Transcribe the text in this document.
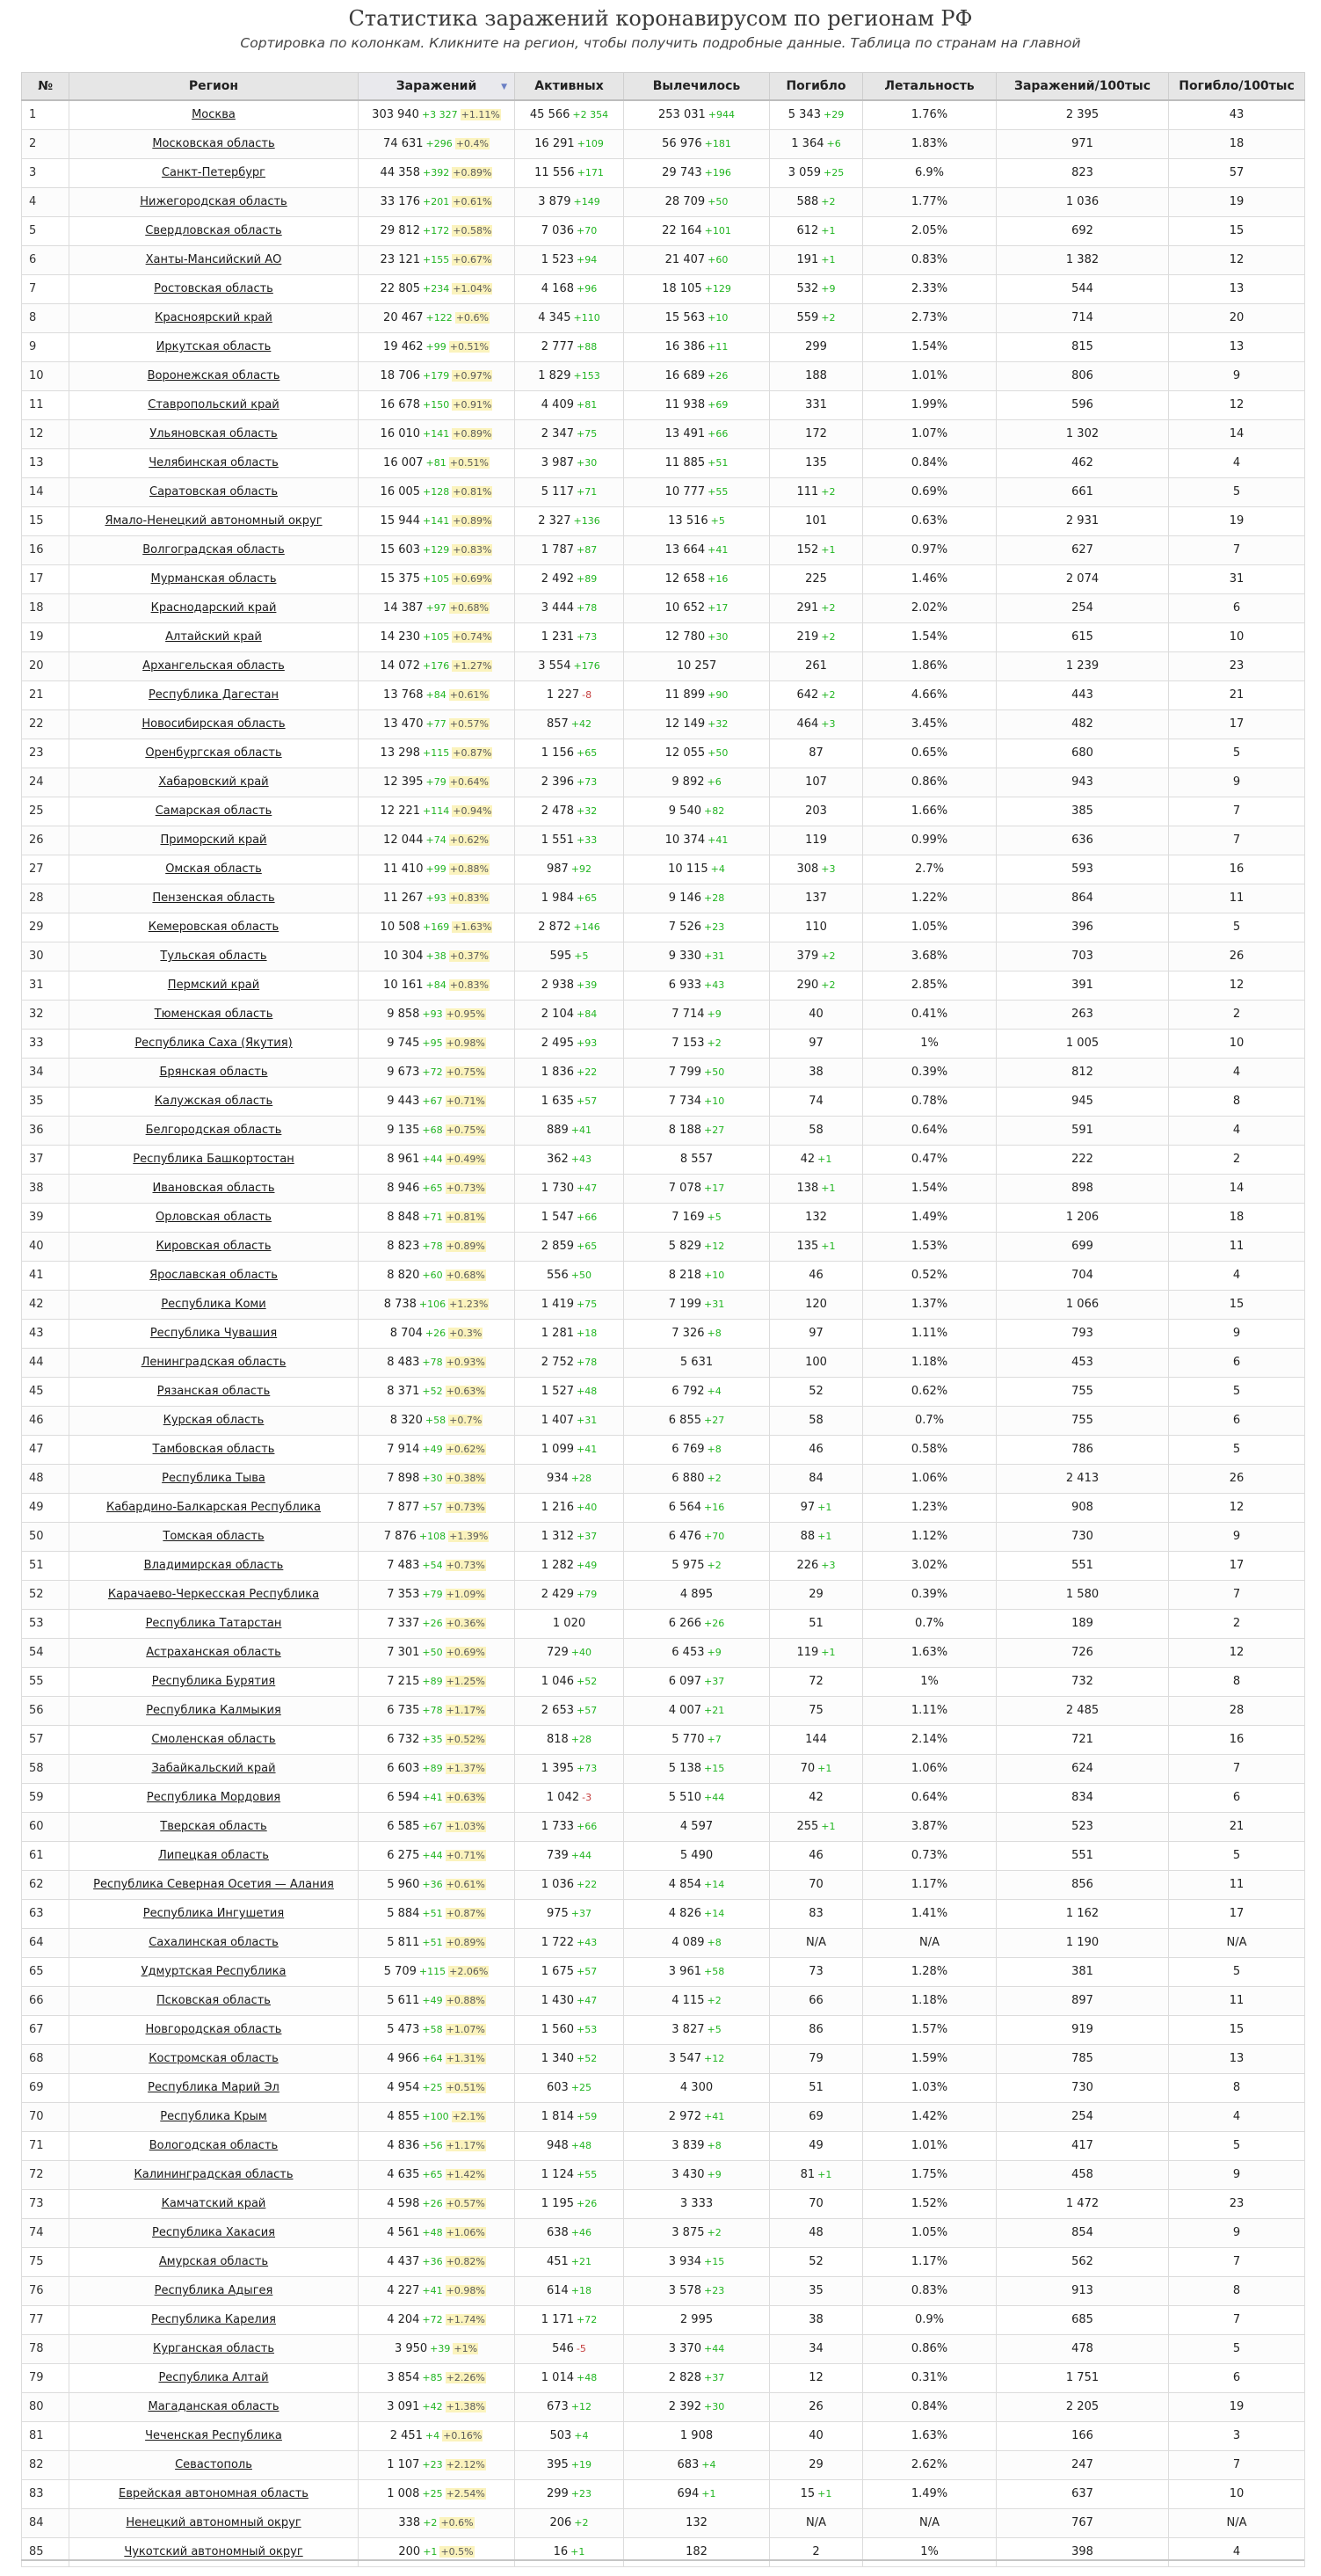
Статистика заражений коронавирусом по регионам РФ
Сортировка по колонкам. Кликните на регион, чтобы получить подробные данные. Таблица по странам на главной
№	Регион	Заражений ▼	Активных	Вылечилось	Погибло	Летальность	Заражений/100тыс	Погибло/100тыс
1	Москва	303 940 +3 327 +1.11%	45 566 +2 354	253 031 +944	5 343 +29	1.76%	2 395	43
2	Московская область	74 631 +296 +0.4%	16 291 +109	56 976 +181	1 364 +6	1.83%	971	18
3	Санкт-Петербург	44 358 +392 +0.89%	11 556 +171	29 743 +196	3 059 +25	6.9%	823	57
4	Нижегородская область	33 176 +201 +0.61%	3 879 +149	28 709 +50	588 +2	1.77%	1 036	19
5	Свердловская область	29 812 +172 +0.58%	7 036 +70	22 164 +101	612 +1	2.05%	692	15
6	Ханты-Мансийский АО	23 121 +155 +0.67%	1 523 +94	21 407 +60	191 +1	0.83%	1 382	12
7	Ростовская область	22 805 +234 +1.04%	4 168 +96	18 105 +129	532 +9	2.33%	544	13
8	Красноярский край	20 467 +122 +0.6%	4 345 +110	15 563 +10	559 +2	2.73%	714	20
9	Иркутская область	19 462 +99 +0.51%	2 777 +88	16 386 +11	299	1.54%	815	13
10	Воронежская область	18 706 +179 +0.97%	1 829 +153	16 689 +26	188	1.01%	806	9
11	Ставропольский край	16 678 +150 +0.91%	4 409 +81	11 938 +69	331	1.99%	596	12
12	Ульяновская область	16 010 +141 +0.89%	2 347 +75	13 491 +66	172	1.07%	1 302	14
13	Челябинская область	16 007 +81 +0.51%	3 987 +30	11 885 +51	135	0.84%	462	4
14	Саратовская область	16 005 +128 +0.81%	5 117 +71	10 777 +55	111 +2	0.69%	661	5
15	Ямало-Ненецкий автономный округ	15 944 +141 +0.89%	2 327 +136	13 516 +5	101	0.63%	2 931	19
16	Волгоградская область	15 603 +129 +0.83%	1 787 +87	13 664 +41	152 +1	0.97%	627	7
17	Мурманская область	15 375 +105 +0.69%	2 492 +89	12 658 +16	225	1.46%	2 074	31
18	Краснодарский край	14 387 +97 +0.68%	3 444 +78	10 652 +17	291 +2	2.02%	254	6
19	Алтайский край	14 230 +105 +0.74%	1 231 +73	12 780 +30	219 +2	1.54%	615	10
20	Архангельская область	14 072 +176 +1.27%	3 554 +176	10 257	261	1.86%	1 239	23
21	Республика Дагестан	13 768 +84 +0.61%	1 227 -8	11 899 +90	642 +2	4.66%	443	21
22	Новосибирская область	13 470 +77 +0.57%	857 +42	12 149 +32	464 +3	3.45%	482	17
23	Оренбургская область	13 298 +115 +0.87%	1 156 +65	12 055 +50	87	0.65%	680	5
24	Хабаровский край	12 395 +79 +0.64%	2 396 +73	9 892 +6	107	0.86%	943	9
25	Самарская область	12 221 +114 +0.94%	2 478 +32	9 540 +82	203	1.66%	385	7
26	Приморский край	12 044 +74 +0.62%	1 551 +33	10 374 +41	119	0.99%	636	7
27	Омская область	11 410 +99 +0.88%	987 +92	10 115 +4	308 +3	2.7%	593	16
28	Пензенская область	11 267 +93 +0.83%	1 984 +65	9 146 +28	137	1.22%	864	11
29	Кемеровская область	10 508 +169 +1.63%	2 872 +146	7 526 +23	110	1.05%	396	5
30	Тульская область	10 304 +38 +0.37%	595 +5	9 330 +31	379 +2	3.68%	703	26
31	Пермский край	10 161 +84 +0.83%	2 938 +39	6 933 +43	290 +2	2.85%	391	12
32	Тюменская область	9 858 +93 +0.95%	2 104 +84	7 714 +9	40	0.41%	263	2
33	Республика Саха (Якутия)	9 745 +95 +0.98%	2 495 +93	7 153 +2	97	1%	1 005	10
34	Брянская область	9 673 +72 +0.75%	1 836 +22	7 799 +50	38	0.39%	812	4
35	Калужская область	9 443 +67 +0.71%	1 635 +57	7 734 +10	74	0.78%	945	8
36	Белгородская область	9 135 +68 +0.75%	889 +41	8 188 +27	58	0.64%	591	4
37	Республика Башкортостан	8 961 +44 +0.49%	362 +43	8 557	42 +1	0.47%	222	2
38	Ивановская область	8 946 +65 +0.73%	1 730 +47	7 078 +17	138 +1	1.54%	898	14
39	Орловская область	8 848 +71 +0.81%	1 547 +66	7 169 +5	132	1.49%	1 206	18
40	Кировская область	8 823 +78 +0.89%	2 859 +65	5 829 +12	135 +1	1.53%	699	11
41	Ярославская область	8 820 +60 +0.68%	556 +50	8 218 +10	46	0.52%	704	4
42	Республика Коми	8 738 +106 +1.23%	1 419 +75	7 199 +31	120	1.37%	1 066	15
43	Республика Чувашия	8 704 +26 +0.3%	1 281 +18	7 326 +8	97	1.11%	793	9
44	Ленинградская область	8 483 +78 +0.93%	2 752 +78	5 631	100	1.18%	453	6
45	Рязанская область	8 371 +52 +0.63%	1 527 +48	6 792 +4	52	0.62%	755	5
46	Курская область	8 320 +58 +0.7%	1 407 +31	6 855 +27	58	0.7%	755	6
47	Тамбовская область	7 914 +49 +0.62%	1 099 +41	6 769 +8	46	0.58%	786	5
48	Республика Тыва	7 898 +30 +0.38%	934 +28	6 880 +2	84	1.06%	2 413	26
49	Кабардино-Балкарская Республика	7 877 +57 +0.73%	1 216 +40	6 564 +16	97 +1	1.23%	908	12
50	Томская область	7 876 +108 +1.39%	1 312 +37	6 476 +70	88 +1	1.12%	730	9
51	Владимирская область	7 483 +54 +0.73%	1 282 +49	5 975 +2	226 +3	3.02%	551	17
52	Карачаево-Черкесская Республика	7 353 +79 +1.09%	2 429 +79	4 895	29	0.39%	1 580	7
53	Республика Татарстан	7 337 +26 +0.36%	1 020	6 266 +26	51	0.7%	189	2
54	Астраханская область	7 301 +50 +0.69%	729 +40	6 453 +9	119 +1	1.63%	726	12
55	Республика Бурятия	7 215 +89 +1.25%	1 046 +52	6 097 +37	72	1%	732	8
56	Республика Калмыкия	6 735 +78 +1.17%	2 653 +57	4 007 +21	75	1.11%	2 485	28
57	Смоленская область	6 732 +35 +0.52%	818 +28	5 770 +7	144	2.14%	721	16
58	Забайкальский край	6 603 +89 +1.37%	1 395 +73	5 138 +15	70 +1	1.06%	624	7
59	Республика Мордовия	6 594 +41 +0.63%	1 042 -3	5 510 +44	42	0.64%	834	6
60	Тверская область	6 585 +67 +1.03%	1 733 +66	4 597	255 +1	3.87%	523	21
61	Липецкая область	6 275 +44 +0.71%	739 +44	5 490	46	0.73%	551	5
62	Республика Северная Осетия — Алания	5 960 +36 +0.61%	1 036 +22	4 854 +14	70	1.17%	856	11
63	Республика Ингушетия	5 884 +51 +0.87%	975 +37	4 826 +14	83	1.41%	1 162	17
64	Сахалинская область	5 811 +51 +0.89%	1 722 +43	4 089 +8	N/A	N/A	1 190	N/A
65	Удмуртская Республика	5 709 +115 +2.06%	1 675 +57	3 961 +58	73	1.28%	381	5
66	Псковская область	5 611 +49 +0.88%	1 430 +47	4 115 +2	66	1.18%	897	11
67	Новгородская область	5 473 +58 +1.07%	1 560 +53	3 827 +5	86	1.57%	919	15
68	Костромская область	4 966 +64 +1.31%	1 340 +52	3 547 +12	79	1.59%	785	13
69	Республика Марий Эл	4 954 +25 +0.51%	603 +25	4 300	51	1.03%	730	8
70	Республика Крым	4 855 +100 +2.1%	1 814 +59	2 972 +41	69	1.42%	254	4
71	Вологодская область	4 836 +56 +1.17%	948 +48	3 839 +8	49	1.01%	417	5
72	Калининградская область	4 635 +65 +1.42%	1 124 +55	3 430 +9	81 +1	1.75%	458	9
73	Камчатский край	4 598 +26 +0.57%	1 195 +26	3 333	70	1.52%	1 472	23
74	Республика Хакасия	4 561 +48 +1.06%	638 +46	3 875 +2	48	1.05%	854	9
75	Амурская область	4 437 +36 +0.82%	451 +21	3 934 +15	52	1.17%	562	7
76	Республика Адыгея	4 227 +41 +0.98%	614 +18	3 578 +23	35	0.83%	913	8
77	Республика Карелия	4 204 +72 +1.74%	1 171 +72	2 995	38	0.9%	685	7
78	Курганская область	3 950 +39 +1%	546 -5	3 370 +44	34	0.86%	478	5
79	Республика Алтай	3 854 +85 +2.26%	1 014 +48	2 828 +37	12	0.31%	1 751	6
80	Магаданская область	3 091 +42 +1.38%	673 +12	2 392 +30	26	0.84%	2 205	19
81	Чеченская Республика	2 451 +4 +0.16%	503 +4	1 908	40	1.63%	166	3
82	Севастополь	1 107 +23 +2.12%	395 +19	683 +4	29	2.62%	247	7
83	Еврейская автономная область	1 008 +25 +2.54%	299 +23	694 +1	15 +1	1.49%	637	10
84	Ненецкий автономный округ	338 +2 +0.6%	206 +2	132	N/A	N/A	767	N/A
85	Чукотский автономный округ	200 +1 +0.5%	16 +1	182	2	1%	398	4
